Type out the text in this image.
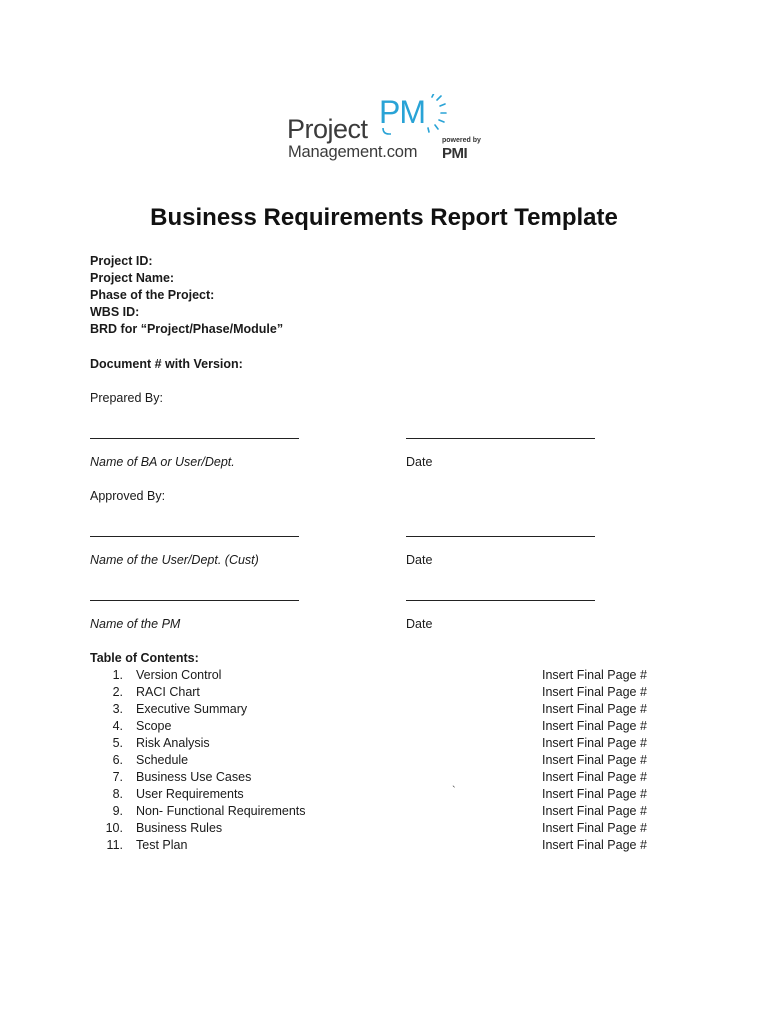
Project PM
Management.com
powered by
PMI
Business Requirements Report Template
Project ID:
Project Name:
Phase of the Project:
WBS ID:
BRD for “Project/Phase/Module”
Document # with Version:
Prepared By:
Name of BA or User/Dept.	Date
Approved By:
Name of the User/Dept. (Cust)	Date
Name of the PM	Date
Table of Contents:
1. Version Control	Insert Final Page #
2. RACI Chart	Insert Final Page #
3. Executive Summary	Insert Final Page #
4. Scope	Insert Final Page #
5. Risk Analysis	Insert Final Page #
6. Schedule	Insert Final Page #
7. Business Use Cases	Insert Final Page #
8. User Requirements	Insert Final Page #
9. Non- Functional Requirements	Insert Final Page #
10. Business Rules	Insert Final Page #
11. Test Plan	Insert Final Page #
`
